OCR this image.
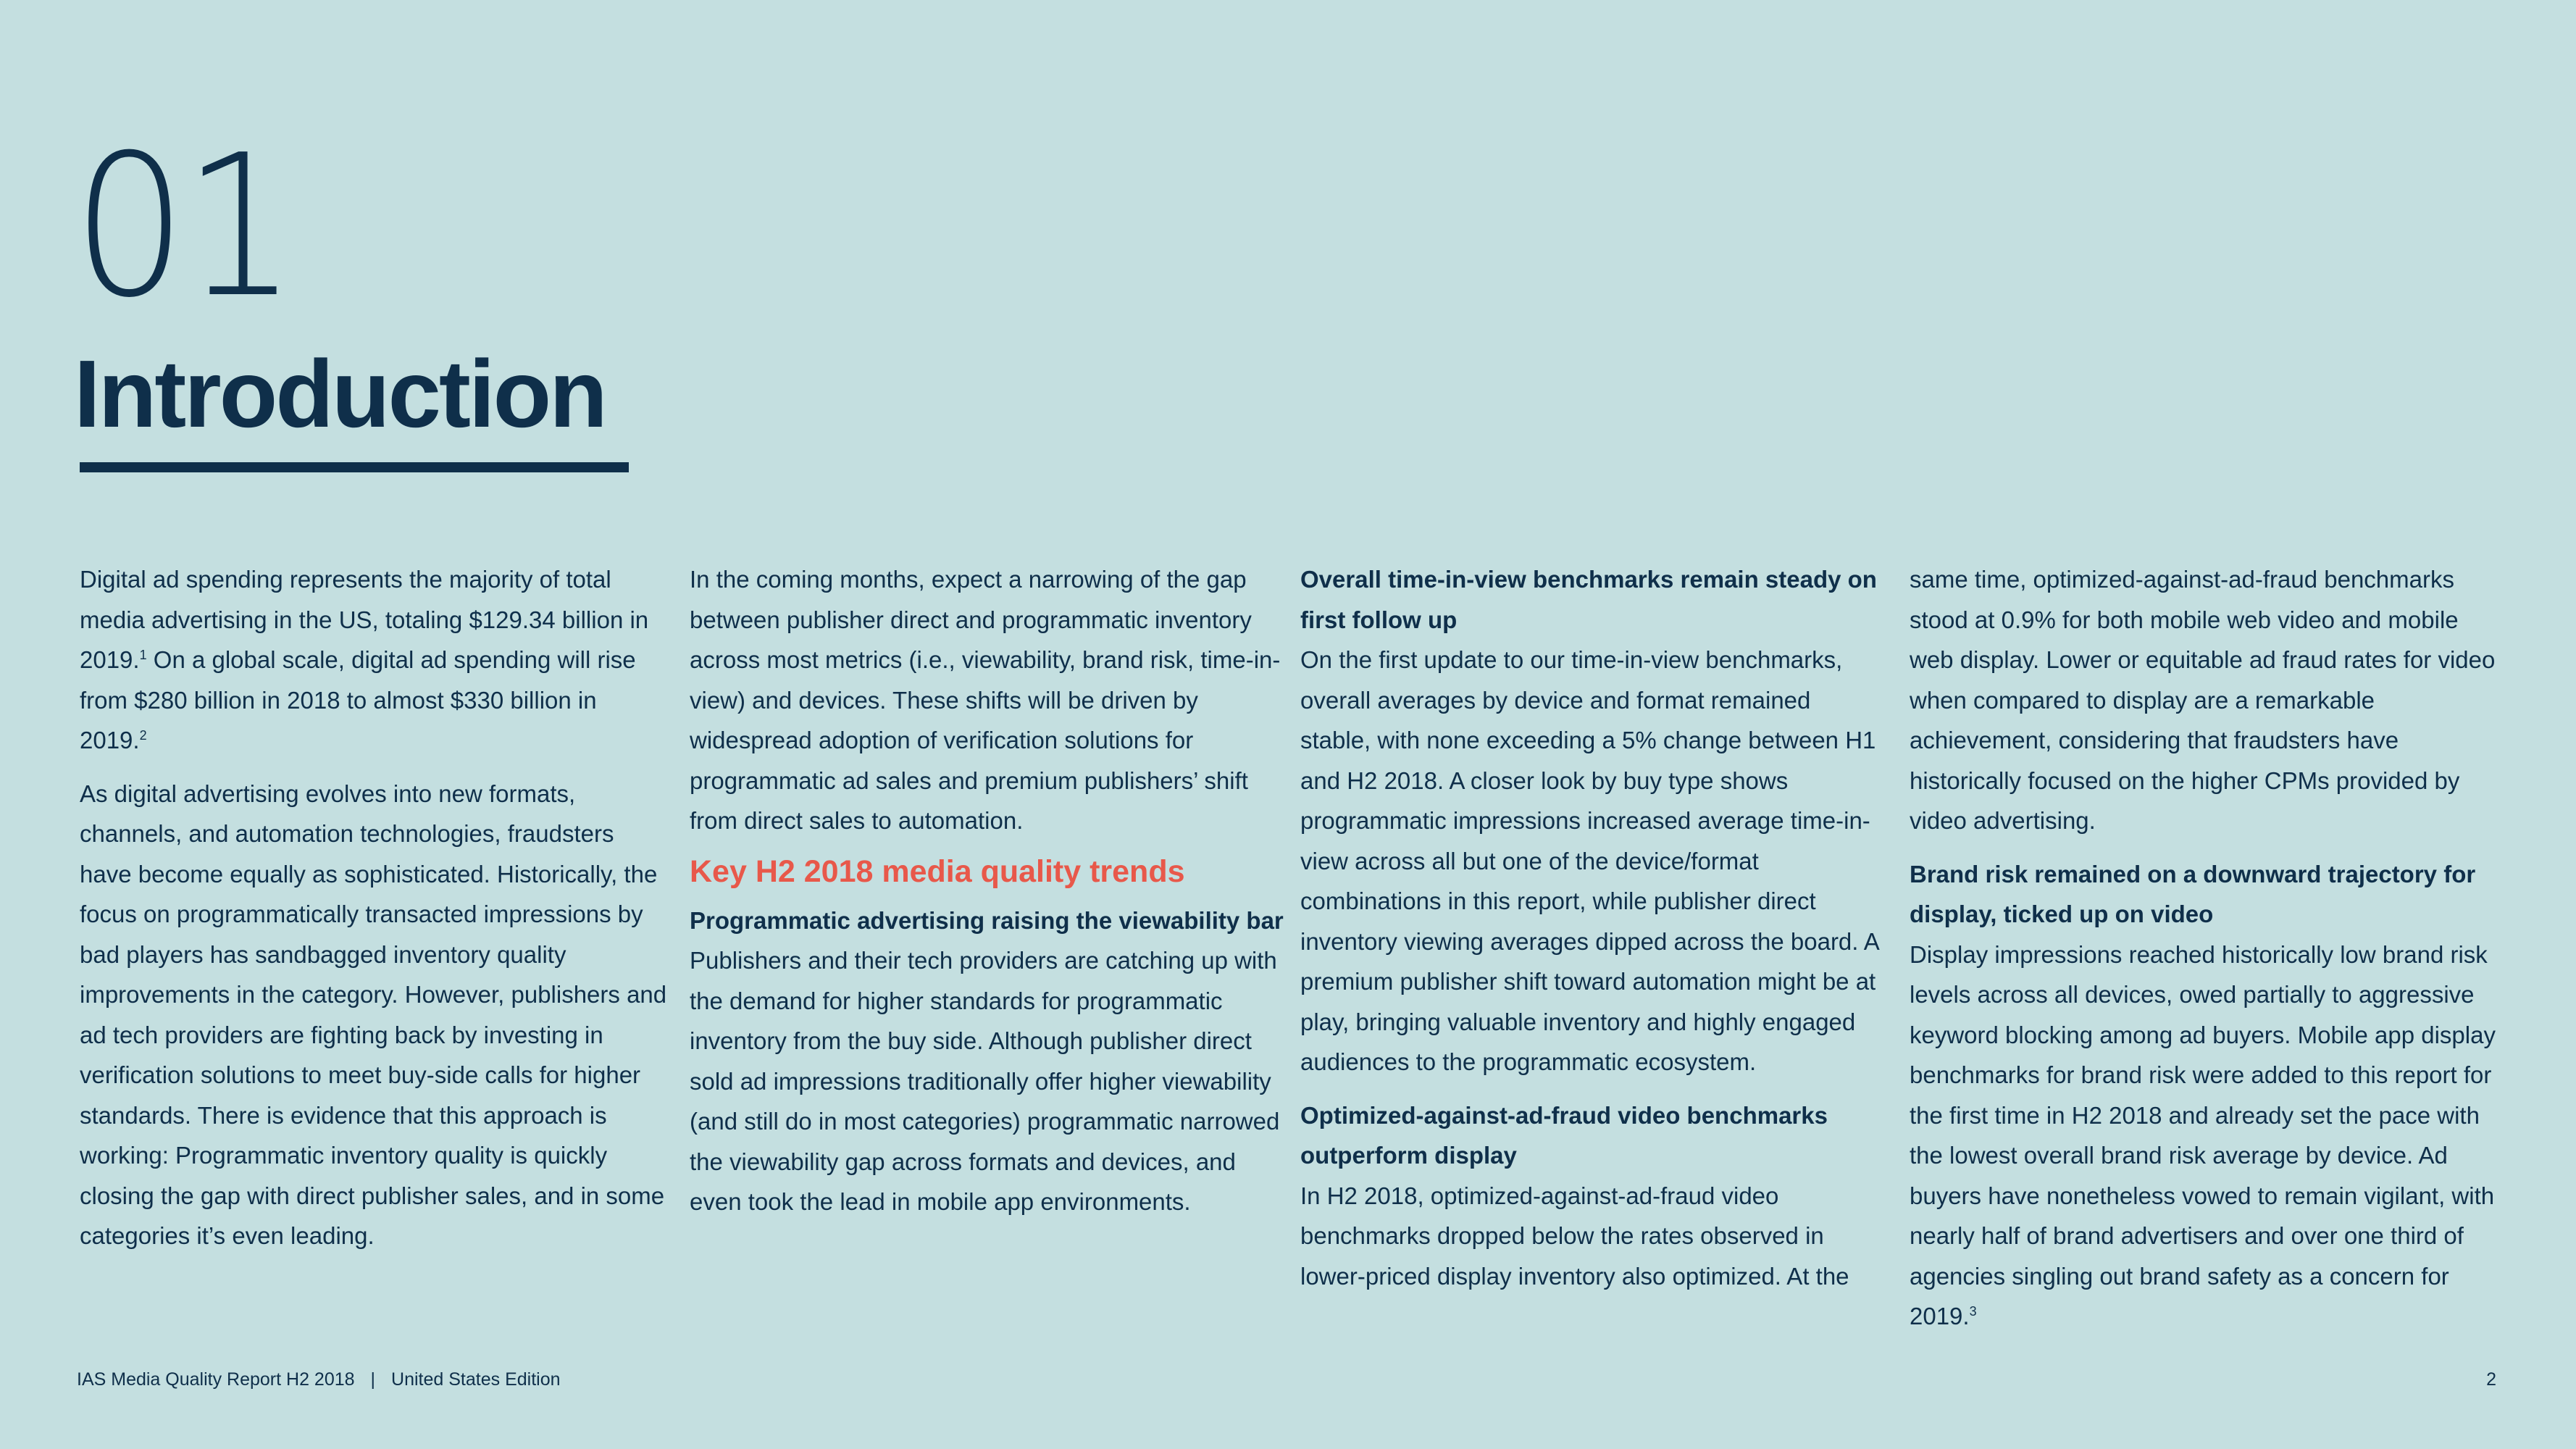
01
Introduction

Digital ad spending represents the majority of total media advertising in the US, totaling $129.34 billion in 2019.$^1$ On a global scale, digital ad spending will rise from $280 billion in 2018 to almost $330 billion in 2019.$^2$

As digital advertising evolves into new formats, channels, and automation technologies, fraudsters have become equally as sophisticated. Historically, the focus on programmatically transacted impressions by bad players has sandbagged inventory quality improvements in the category. However, publishers and ad tech providers are fighting back by investing in verification solutions to meet buy-side calls for higher standards. There is evidence that this approach is working: Programmatic inventory quality is quickly closing the gap with direct publisher sales, and in some categories it’s even leading.

In the coming months, expect a narrowing of the gap between publisher direct and programmatic inventory across most metrics (i.e., viewability, brand risk, time-in-view) and devices. These shifts will be driven by widespread adoption of verification solutions for programmatic ad sales and premium publishers’ shift from direct sales to automation.

Key H2 2018 media quality trends
Programmatic advertising raising the viewability bar

Publishers and their tech providers are catching up with the demand for higher standards for programmatic inventory from the buy side. Although publisher direct sold ad impressions traditionally offer higher viewability (and still do in most categories) programmatic narrowed the viewability gap across formats and devices, and even took the lead in mobile app environments.

Overall time-in-view benchmarks remain steady on first follow up

On the first update to our time-in-view benchmarks, overall averages by device and format remained stable, with none exceeding a 5% change between H1 and H2 2018. A closer look by buy type shows programmatic impressions increased average time-in-view across all but one of the device/format combinations in this report, while publisher direct inventory viewing averages dipped across the board. A premium publisher shift toward automation might be at play, bringing valuable inventory and highly engaged audiences to the programmatic ecosystem.

Optimized-against-ad-fraud video benchmarks outperform display

In H2 2018, optimized-against-ad-fraud video benchmarks dropped below the rates observed in lower-priced display inventory also optimized. At the

same time, optimized-against-ad-fraud benchmarks stood at 0.9% for both mobile web video and mobile web display. Lower or equitable ad fraud rates for video when compared to display are a remarkable achievement, considering that fraudsters have historically focused on the higher CPMs provided by video advertising.

Brand risk remained on a downward trajectory for display, ticked up on video

Display impressions reached historically low brand risk levels across all devices, owed partially to aggressive keyword blocking among ad buyers. Mobile app display benchmarks for brand risk were added to this report for the first time in H2 2018 and already set the pace with the lowest overall brand risk average by device. Ad buyers have nonetheless vowed to remain vigilant, with nearly half of brand advertisers and over one third of agencies singling out brand safety as a concern for 2019.$^3$

IAS Media Quality Report H2 2018 | United States Edition	2
